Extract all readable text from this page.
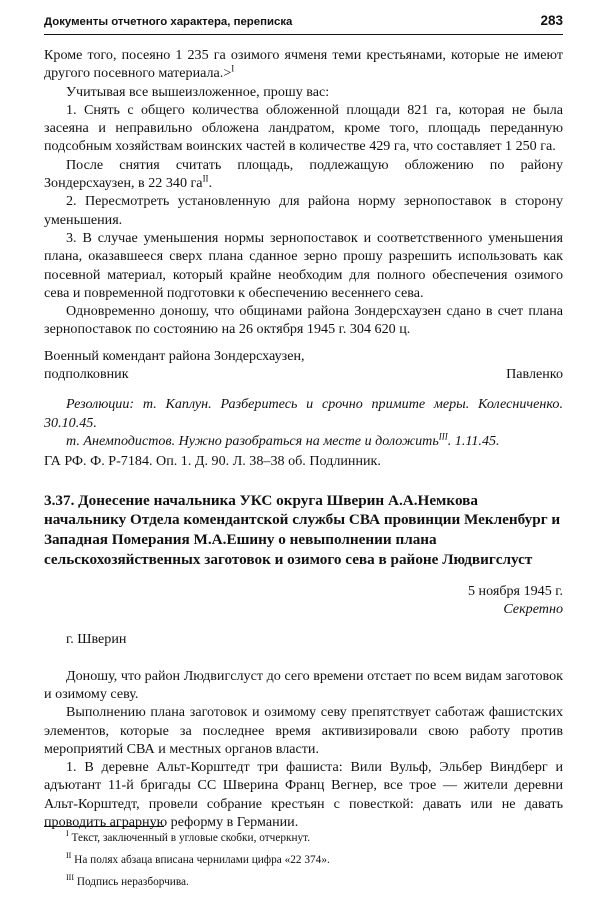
Документы отчетного характера, переписка	283

Кроме того, посеяно 1 235 га озимого ячменя теми крестьянами, которые не имеют другого посевного материала.>$^I$

Учитывая все вышеизложенное, прошу вас:

1. Снять с общего количества обложенной площади 821 га, которая не была засеяна и неправильно обложена ландратом, кроме того, площадь переданную подсобным хозяйствам воинских частей в количестве 429 га, что составляет 1 250 га.

После снятия считать площадь, подлежащую обложению по району Зондерсхаузен, в 22 340 $га^{II}$.

2. Пересмотреть установленную для района норму зернопоставок в сторону уменьшения.

3. В случае уменьшения нормы зернопоставок и соответственного уменьшения плана, оказавшееся сверх плана сданное зерно прошу разрешить использовать как посевной материал, который крайне необходим для полного обеспечения озимого сева и повременной подготовки к обеспечению весеннего сева.

Одновременно доношу, что общинами района Зондерсхаузен сдано в счет плана зернопоставок по состоянию на 26 октября 1945 г. 304 620 ц.

Военный комендант района Зондерсхаузен,
подполковник	Павленко

Резолюции: т. Каплун. Разберитесь и срочно примите меры. Колесниченко. 30.10.45.

т. Анемподистов. Нужно разобраться на месте и доложить$^{III}$. 1.11.45.

ГА РФ. Ф. Р-7184. Оп. 1. Д. 90. Л. 38–38 об. Подлинник.

3.37. Донесение начальника УКС округа Шверин А.А.Немкова начальнику Отдела комендантской службы СВА провинции Мекленбург и Западная Померания М.А.Ешину о невыполнении плана сельскохозяйственных заготовок и озимого сева в районе Людвигслуст
5 ноября 1945 г.
Секретно
г. Шверин

Доношу, что район Людвигслуст до сего времени отстает по всем видам заготовок и озимому севу.

Выполнению плана заготовок и озимому севу препятствует саботаж фашистских элементов, которые за последнее время активизировали свою работу против мероприятий СВА и местных органов власти.

1. В деревне Альт-Корштедт три фашиста: Вили Вульф, Эльбер Виндберг и адъютант 11-й бригады СС Шверина Франц Вегнер, все трое — жители деревни Альт-Корштедт, провели собрание крестьян с повесткой: давать или не давать проводить аграрную реформу в Германии.

$^I$ Текст, заключенный в угловые скобки, отчеркнут.
$^{II}$ На полях абзаца вписана чернилами цифра «22 374».
$^{III}$ Подпись неразборчива.
